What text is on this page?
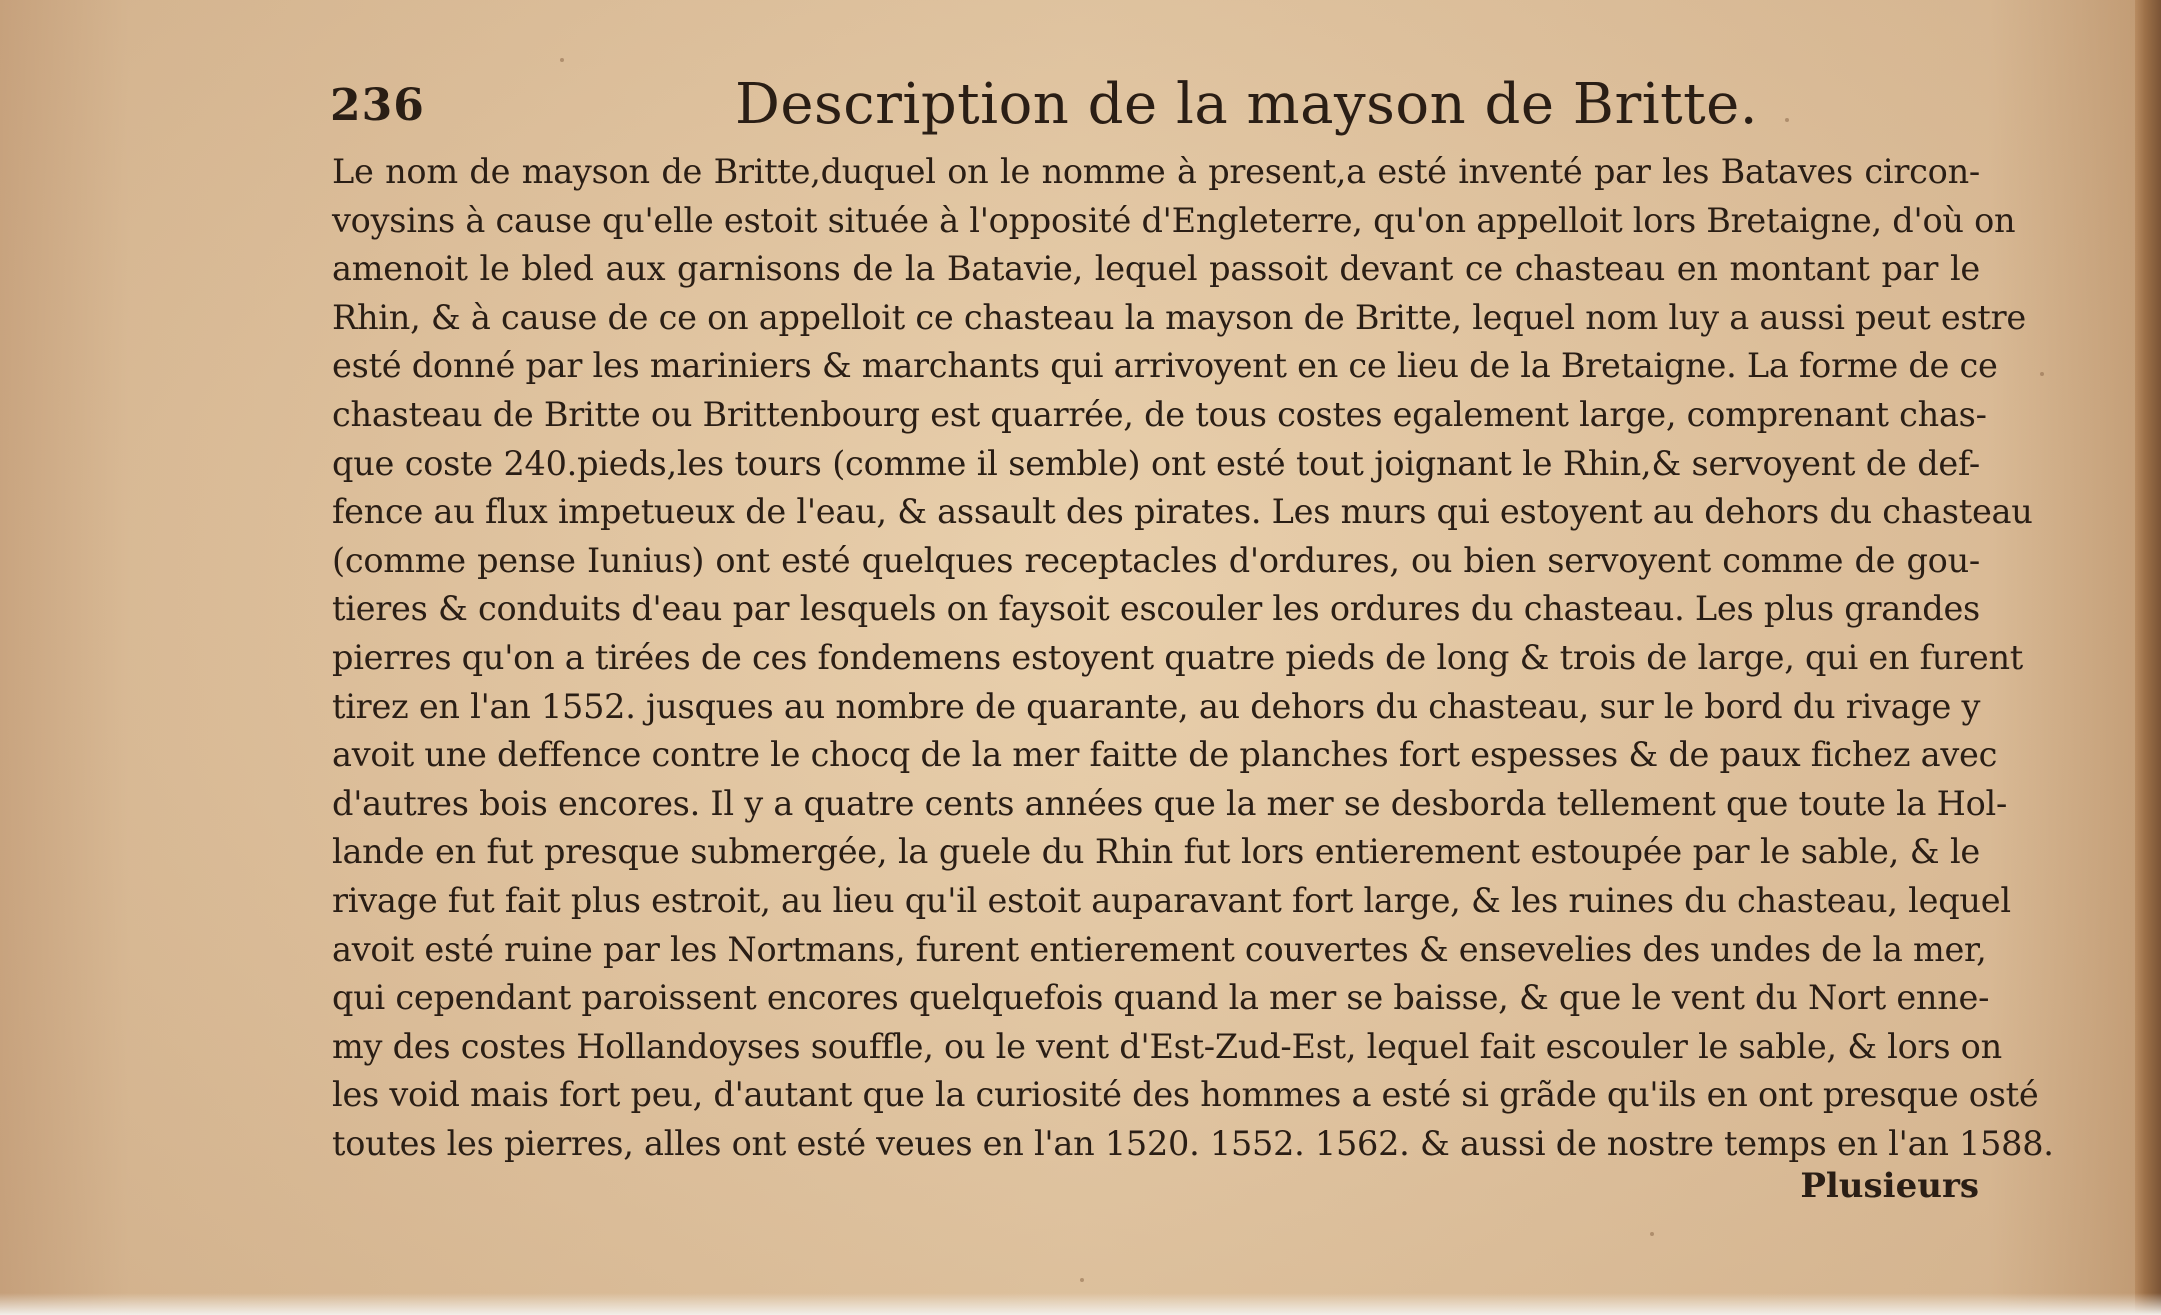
236	Description de la mayson de Britte.
Le nom de mayson de Britte,duquel on le nomme à present,a esté inventé par les Bataves circon-
voysins à cause qu'elle estoit située à l'opposité d'Engleterre, qu'on appelloit lors Bretaigne, d'où on
amenoit le bled aux garnisons de la Batavie, lequel passoit devant ce chasteau en montant par le
Rhin, & à cause de ce on appelloit ce chasteau la mayson de Britte, lequel nom luy a aussi peut estre
esté donné par les mariniers & marchants qui arrivoyent en ce lieu de la Bretaigne. La forme de ce
chasteau de Britte ou Brittenbourg est quarrée, de tous costes egalement large, comprenant chas-
que coste 240.pieds,les tours (comme il semble) ont esté tout joignant le Rhin,& servoyent de def-
fence au flux impetueux de l'eau, & assault des pirates. Les murs qui estoyent au dehors du chasteau
(comme pense Iunius) ont esté quelques receptacles d'ordures, ou bien servoyent comme de gou-
tieres & conduits d'eau par lesquels on faysoit escouler les ordures du chasteau. Les plus grandes
pierres qu'on a tirées de ces fondemens estoyent quatre pieds de long & trois de large, qui en furent
tirez en l'an 1552. jusques au nombre de quarante, au dehors du chasteau, sur le bord du rivage y
avoit une deffence contre le chocq de la mer faitte de planches fort espesses & de paux fichez avec
d'autres bois encores. Il y a quatre cents années que la mer se desborda tellement que toute la Hol-
lande en fut presque submergée, la guele du Rhin fut lors entierement estoupée par le sable, & le
rivage fut fait plus estroit, au lieu qu'il estoit auparavant fort large, & les ruines du chasteau, lequel
avoit esté ruine par les Nortmans, furent entierement couvertes & ensevelies des undes de la mer,
qui cependant paroissent encores quelquefois quand la mer se baisse, & que le vent du Nort enne-
my des costes Hollandoyses souffle, ou le vent d'Est-Zud-Est, lequel fait escouler le sable, & lors on
les void mais fort peu, d'autant que la curiosité des hommes a esté si grãde qu'ils en ont presque osté
toutes les pierres, alles ont esté veues en l'an 1520. 1552. 1562. & aussi de nostre temps en l'an 1588.
Plusieurs
